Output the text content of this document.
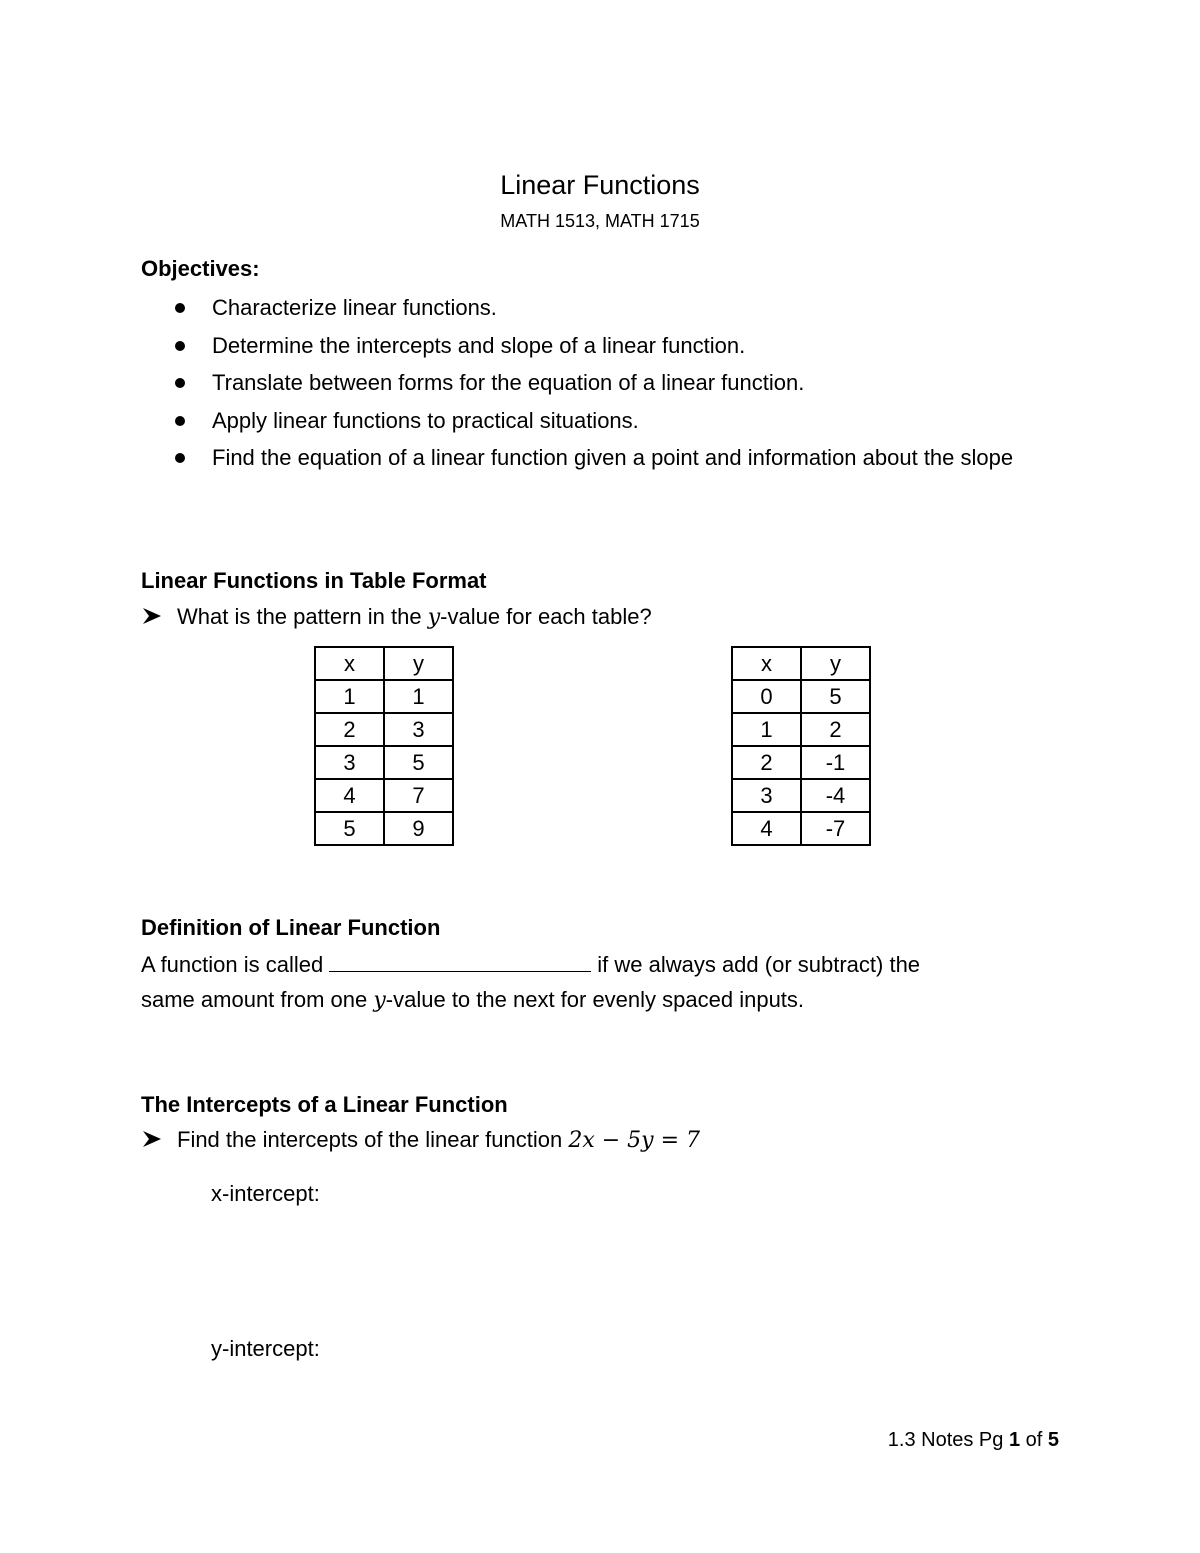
Linear Functions
MATH 1513, MATH 1715
Objectives:
Characterize linear functions.
Determine the intercepts and slope of a linear function.
Translate between forms for the equation of a linear function.
Apply linear functions to practical situations.
Find the equation of a linear function given a point and information about the slope
Linear Functions in Table Format
What is the pattern in the y-value for each table?
x	y
1	1
2	3
3	5
4	7
5	9
x	y
0	5
1	2
2	-1
3	-4
4	-7
Definition of Linear Function
A function is called	if we always add (or subtract) the
same amount from one y-value to the next for evenly spaced inputs.
The Intercepts of a Linear Function
Find the intercepts of the linear function 2x − 5y = 7
x-intercept:
y-intercept:
1.3 Notes Pg 1 of 5
